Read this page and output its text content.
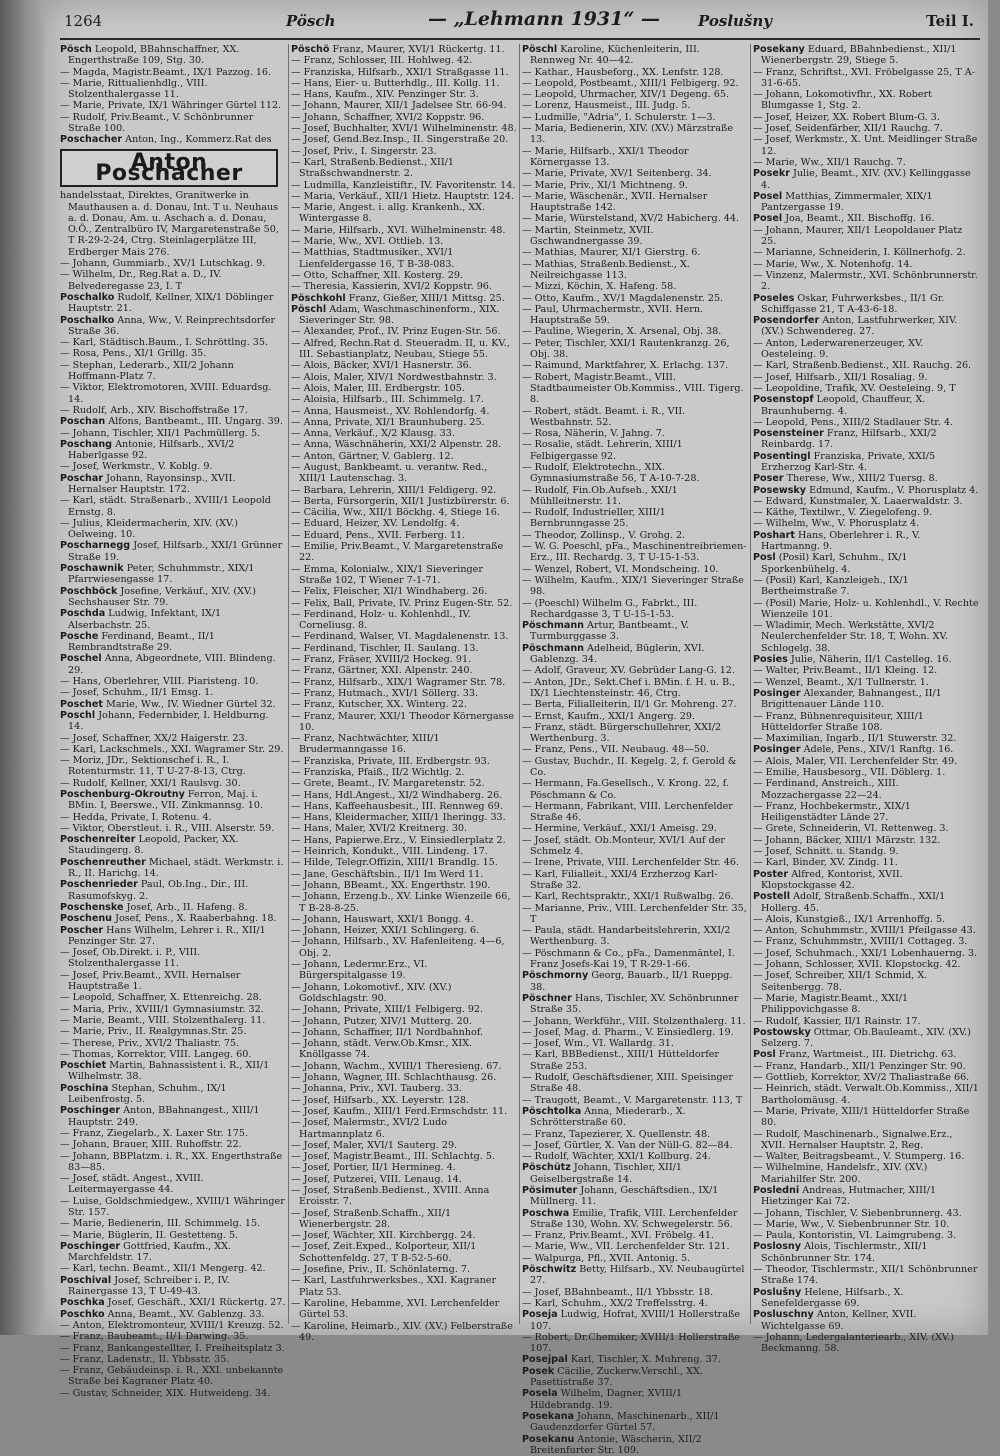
1264	Pösch	— „Lehmann 1931“ —	Poslušny	Teil I.

Pösch Leopold, BBahnschaffner, XX. Engerthstraße 109, Stg. 30.

— Magda, Magistr.Beamt., IX/1 Pazzog. 16.

— Marie, Rittualienhdlg., VIII. Stolzenthalergasse 11.

— Marie, Private, IX/1 Währinger Gürtel 112.

— Rudolf, Priv.Beamt., V. Schönbrunner Straße 100.

Poschacher Anton, Ing., Kommerz.Rat des

Anton Poschacher

handelsstaat, Direktes, Granitwerke in Mauthausen a. d. Donau, Int. T u. Neuhaus a. d. Donau, Am. u. Aschach a. d. Donau, O.Ö., Zentralbüro IV, Margaretenstraße 50, T R-29-2-24, Ctrg. Steinlagerplätze III, Erdberger Mais 276.

— Johann, Gummiarb., XV/1 Lutschkag. 9.

— Wilhelm, Dr., Reg.Rat a. D., IV. Belvederegasse 23, I. T

Poschalko Rudolf, Kellner, XIX/1 Döblinger Hauptstr. 21.

Poschalko Anna, Ww., V. Reinprechtsdorfer Straße 36.

— Karl, Städtisch.Baum., I. Schröttlng. 35.

— Rosa, Pens., XI/1 Grillg. 35.

— Stephan, Lederarb., XII/2 Johann Hoffmann-Platz 7.

— Viktor, Elektromotoren, XVIII. Eduardsg. 14.

— Rudolf, Arb., XIV. Bischoffstraße 17.

Poschan Alfons, Bantbeamt., III. Ungarg. 39.

— Johann, Tischler, XII/1 Pachmüllerg. 5.

Poschang Antonie, Hilfsarb., XVI/2 Haberlgasse 92.

— Josef, Werkmstr., V. Koblg. 9.

Poschar Johann, Rayonsinsp., XVII. Hernalser Hauptstr. 172.

— Karl, städt. Straßenarb., XVIII/1 Leopold Ernstg. 8.

— Julius, Kleidermacherin, XIV. (XV.) Oelweing. 10.

Poscharnegg Josef, Hilfsarb., XXI/1 Grünner Straße 19.

Poschawnik Peter, Schuhmmstr., XIX/1 Pfarrwiesengasse 17.

Poschböck Josefine, Verkäuf., XIV. (XV.) Sechshauser Str. 79.

Poschda Ludwig, Infektant, IX/1 Alserbachstr. 25.

Posche Ferdinand, Beamt., II/1 Rembrandtstraße 29.

Poschel Anna, Abgeordnete, VIII. Blindeng. 29.

— Hans, Oberlehrer, VIII. Piaristeng. 10.

— Josef, Schuhm., II/1 Emsg. 1.

Poschet Marie, Ww., IV. Wiedner Gürtel 32.

Poschl Johann, Federnbider, I. Heldburng. 14.

— Josef, Schaffner, XX/2 Haigerstr. 23.

— Karl, Lackschmels., XXI. Wagramer Str. 29.

— Moriz, JDr., Sektionschef i. R., I. Rotenturmstr. 11, T U-27-8-13, Ctrg.

— Rudolf, Kellner, XXI/1 Raulsvg. 30.

Poschenburg-Okroutny Ferron, Maj. i. BMin. I, Beerswe., VII. Zinkmannsg. 10.

— Hedda, Private, I. Rotenu. 4.

— Viktor, Oberstleut. i. R., VIII. Alserstr. 59.

Poschenreiter Leopold, Packer, XX. Staudingerg. 8.

Poschenreuther Michael, städt. Werkmstr. i. R., II. Harichg. 14.

Poschenrieder Paul, Ob.Ing., Dir., III. Rasumofskyg. 2.

Poschenske Josef, Arb., II. Hafeng. 8.

Poschenu Josef, Pens., X. Raaberbahng. 18.

Poscher Hans Wilhelm, Lehrer i. R., XII/1 Penzinger Str. 27.

— Josef, Ob.Direkt. i. P., VIII. Stolzenthalergasse 11.

— Josef, Priv.Beamt., XVII. Hernalser Hauptstraße 1.

— Leopold, Schaffner, X. Ettenreichg. 28.

— Maria, Priv., XVIII/1 Gymnasiumstr. 32.

— Marie, Beamt., VIII. Stolzenthalerg. 11.

— Marie, Priv., II. Realgymnas.Str. 25.

— Therese, Priv., XVI/2 Thaliastr. 75.

— Thomas, Korrektor, VIII. Langeg. 60.

Poschiet Martin, Bahnassistent i. R., XII/1 Wilhelmstr. 38.

Poschina Stephan, Schuhm., IX/1 Leibenfrostg. 5.

Poschinger Anton, BBahnangest., XIII/1 Hauptstr. 249.

— Franz, Ziegelarb., X. Laxer Str. 175.

— Johann, Brauer, XIII. Ruhoffstr. 22.

— Johann, BBPlatzm. i. R., XX. Engerthstraße 83—85.

— Josef, städt. Angest., XVIII. Leitermayergasse 44.

— Luise, Goldschmiedgew., XVIII/1 Währinger Str. 157.

— Marie, Bedienerin, III. Schimmelg. 15.

— Marie, Büglerin, II. Gestetteng. 5.

Poschinger Gottfried, Kaufm., XX. Marchfeldstr. 17.

— Karl, techn. Beamt., XII/1 Mengerg. 42.

Poschival Josef, Schreiber i. P., IV. Rainergasse 13, T U-49-43.

Poschka Josef, Geschäft., XXI/1 Rückertg. 27.

Poschko Anna, Beamt., XV. Gablenzg. 33.

— Anton, Elektromonteur, XVIII/1 Kreuzg. 52.

— Franz, Baubeamt., II/1 Darwing. 35.

— Franz, Bankangestellter, I. Freiheitsplatz 3.

— Franz, Ladenstr., II. Ybbsstr. 35.

— Franz, Gebäudeinsp. i. R., XXI. unbekannte Straße bei Kagraner Platz 40.

— Gustav, Schneider, XIX. Hutweideng. 34.

Pöschö Franz, Maurer, XVI/1 Rückertg. 11.

— Franz, Schlosser, III. Hohlweg. 42.

— Franziska, Hilfsarb., XXI/1 Straßgasse 11.

— Hans, Eier- u. Butterhdlg., III. Kollg. 11.

— Hans, Kaufm., XIV. Penzinger Str. 3.

— Johann, Maurer, XII/1 Jadelsee Str. 66-94.

— Johann, Schaffner, XVI/2 Koppstr. 96.

— Josef, Buchhalter, XVI/1 Wilhelminenstr. 48.

— Josef, Gend.Bez.Insp., II. Singerstraße 20.

— Josef, Priv., I. Singerstr. 23.

— Karl, Straßenb.Bedienst., XII/1 Straßschwandnerstr. 2.

— Ludmilla, Kanzleistiftr., IV. Favoritenstr. 14.

— Maria, Verkäuf., XII/1 Hietz. Hauptstr. 124.

— Marie, Angest. i. allg. Krankenh., XX. Wintergasse 8.

— Marie, Hilfsarb., XVI. Wilhelminenstr. 48.

— Marie, Ww., XVI. Ottlieb. 13.

— Matthias, Stadtmusiker., XVI/1 Lienfeldergasse 16, T B-38-083.

— Otto, Schaffner, XII. Kosterg. 29.

— Theresia, Kassierin, XVI/2 Koppstr. 96.

Pöschkohl Franz, Gießer, XIII/1 Mittsg. 25.

Pöschl Adam, Waschmaschinenform., XIX. Sieveringer Str. 98.

— Alexander, Prof., IV. Prinz Eugen-Str. 56.

— Alfred, Rechn.Rat d. Steueradm. II, u. KV., III. Sebastianplatz, Neubau, Stiege 55.

— Alois, Bäcker, XVI/1 Hasnerstr. 36.

— Alois, Maler, XIV/1 Nordwestbahnstr. 3.

— Alois, Maler, III. Erdbergstr. 105.

— Aloisia, Hilfsarb., III. Schimmelg. 17.

— Anna, Hausmeist., XV. Rohlendorfg. 4.

— Anna, Private, XI/1 Braunhuberg. 25.

— Anna, Verkäuf., X/2 Klausg. 33.

— Anna, Wäschnäherin, XXI/2 Alpenstr. 28.

— Anton, Gärtner, V. Gablerg. 12.

— August, Bankbeamt. u. verantw. Red., XIII/1 Lautenschag. 3.

— Barbara, Lehrerin, XIII/1 Feldigerg. 92.

— Berta, Fürsorgerin, XII/1 Justizbürerstr. 6.

— Cäcilia, Ww., XII/1 Böckhg. 4, Stiege 16.

— Eduard, Heizer, XV. Lendolfg. 4.

— Eduard, Pens., XVII. Ferberg. 11.

— Emilie, Priv.Beamt., V. Margaretenstraße 22.

— Emma, Kolonialw., XIX/1 Sieveringer Straße 102, T Wiener 7-1-71.

— Felix, Fleischer, XI/1 Windhaberg. 26.

— Felix, Ball, Private, IV. Prinz Eugen-Str. 52.

— Ferdinand, Holz- u. Kohlenhdl., IV. Corneliusg. 8.

— Ferdinand, Walser, VI. Magdalenenstr. 13.

— Ferdinand, Tischler, II. Saulang. 13.

— Franz, Fräser, XVIII/2 Hockeg. 91.

— Franz, Gärtner, XXI. Alpenstr. 240.

— Franz, Hilfsarb., XIX/1 Wagramer Str. 78.

— Franz, Hutmach., XVI/1 Söllerg. 33.

— Franz, Kutscher, XX. Winterg. 22.

— Franz, Maurer, XXI/1 Theodor Körnergasse 10.

— Franz, Nachtwächter, XIII/1 Brudermanngasse 16.

— Franziska, Private, III. Erdbergstr. 93.

— Franziska, Pfaiß., II/2 Wichtlg. 2.

— Grete, Beamt., IV. Margaretenstr. 52.

— Hans, Hdl.Angest., XI/2 Windhaberg. 26.

— Hans, Kaffeehausbesit., III. Rennweg 69.

— Hans, Kleidermacher, XIII/1 Iheringg. 33.

— Hans, Maler, XVI/2 Kreitnerg. 30.

— Hans, Papierwe.Erz., V. Einsiedlerplatz 2.

— Heinrich, Kondukt., VIII. Lindeng. 17.

— Hilde, Telegr.Offizin, XIII/1 Brandlg. 15.

— Jane, Geschäftsbin., II/1 Im Werd 11.

— Johann, BBeamt., XX. Engerthstr. 190.

— Johann, Erzeng.b., XV. Linke Wienzeile 66, T B-28-8-25.

— Johann, Hauswart, XXI/1 Bongg. 4.

— Johann, Heizer, XXI/1 Schlingerg. 6.

— Johann, Hilfsarb., XV. Hafenleiteng. 4—6, Obj. 2.

— Johann, Ledermr.Erz., VI. Bürgerspitalgasse 19.

— Johann, Lokomotivf., XIV. (XV.) Goldschlagstr. 90.

— Johann, Private, XIII/1 Felbigerg. 92.

— Johann, Putzer, XIV/1 Mutterg. 20.

— Johann, Schaffner, II/1 Nordbahnhof.

— Johann, städt. Verw.Ob.Kmsr., XIX. Knöllgasse 74.

— Johann, Wachm., XVIII/1 Theresieng. 67.

— Johann, Wagner, III. Schlachthausg. 26.

— Johanna, Priv., XVI. Tauberg. 33.

— Josef, Hilfsarb., XX. Leyerstr. 128.

— Josef, Kaufm., XIII/1 Ferd.Ermschdstr. 11.

— Josef, Malermstr., XVI/2 Ludo Hartmannplatz 6.

— Josef, Maler, XVI/1 Sauterg. 29.

— Josef, Magistr.Beamt., III. Schlachtg. 5.

— Josef, Portier, II/1 Hermineg. 4.

— Josef, Putzerei, VIII. Lenaug. 14.

— Josef, Straßenb.Bedienst., XVIII. Anna Eroisstr. 7.

— Josef, Straßenb.Schaffn., XII/1 Wienerbergstr. 28.

— Josef, Wächter, XII. Kirchbergg. 24.

— Josef, Zeit.Exped., Kolporteur, XII/1 Schottenfeldg. 27, T B-52-5-60.

— Josefine, Priv., II. Schönlaterng. 7.

— Karl, Lastfuhrwerksbes., XXI. Kagraner Platz 53.

— Karoline, Hebamme, XVI. Lerchenfelder Gürtel 53.

— Karoline, Heimarb., XIV. (XV.) Felberstraße 49.

Pöschl Karoline, Küchenleiterin, III. Rennweg Nr. 40—42.

— Kathar., Hausbeforg., XX. Lenfstr. 128.

— Leopold, Postbeamt., XIII/1 Felbigerg. 92.

— Leopold, Uhrmacher, XIV/1 Degeng. 65.

— Lorenz, Hausmeist., III. Judg. 5.

— Ludmille, "Adria", I. Schulerstr. 1—3.

— Maria, Bedienerin, XIV. (XV.) Märzstraße 13.

— Marie, Hilfsarb., XXI/1 Theodor Körnergasse 13.

— Marie, Private, XV/1 Seitenberg. 34.

— Marie, Priv., XI/1 Michtneng. 9.

— Marie, Wäschenär., XVII. Hernalser Hauptstraße 142.

— Marie, Würstelstand, XV/2 Habicherg. 44.

— Martin, Steinmetz, XVII. Gschwandnergasse 39.

— Mathias, Maurer, XI/1 Gierstrg. 6.

— Mathias, Straßenb.Bedienst., X. Neilreichgasse 113.

— Mizzi, Köchin, X. Hafeng. 58.

— Otto, Kaufm., XV/1 Magdalenenstr. 25.

— Paul, Uhrmachermstr., XVII. Hern. Hauptstraße 59.

— Pauline, Wiegerin, X. Arsenal, Obj. 38.

— Peter, Tischler, XXI/1 Rautenkranzg. 26, Obj. 38.

— Raimund, Marktfahrer, X. Erlachg. 137.

— Robert, Magistr.Beamt., VIII. Stadtbaumeister Ob.Kommiss., VIII. Tigerg. 8.

— Robert, städt. Beamt. i. R., VII. Westbahnstr. 52.

— Rosa, Näherin, V. Jahng. 7.

— Rosalie, städt. Lehrerin, XIII/1 Felbigergasse 92.

— Rudolf, Elektrotechn., XIX. Gymnasiumstraße 56, T A-10-7-28.

— Rudolf, Fin.Ob.Aufseh., XXI/1 Mühlleitnerstr. 11.

— Rudolf, Industrieller, XIII/1 Bernbrunngasse 25.

— Theodor, Zollinsp., V. Grohg. 2.

— W. G. Poeschl, pFa., Maschinentreibriemen-Erz., III. Rechardg. 3, T U-15-1-53.

— Wenzel, Robert, VI. Mondscheing. 10.

— Wilhelm, Kaufm., XIX/1 Sieveringer Straße 98.

— (Poeschl) Wilhelm G., Fabrkt., III. Rechardgasse 3, T U-15-1-53.

Pöschmann Artur, Bantbeamt., V. Turmburggasse 3.

Pöschmann Adelheid, Büglerin, XVI. Gablenzg. 34.

— Adolf, Graveur, XV. Gebrüder Lang-G. 12.

— Anton, JDr., Sekt.Chef i. BMin. f. H. u. B., IX/1 Liechtensteinstr. 46, Ctrg.

— Berta, Filialleiterin, II/1 Gr. Mohreng. 27.

— Ernst, Kaufm., XXI/1 Angerg. 29.

— Franz, städt. Bürgerschullehrer, XXI/2 Werthenburg. 3.

— Franz, Pens., VII. Neubaug. 48—50.

— Gustav, Buchdr., II. Kegelg. 2, f. Gerold & Co.

— Hermann, Fa.Gesellsch., V. Krong. 22, f. Pöschmann & Co.

— Hermann, Fabrikant, VIII. Lerchenfelder Straße 46.

— Hermine, Verkäuf., XXI/1 Ameisg. 29.

— Josef, städt. Ob.Monteur, XVI/1 Auf der Schmelz 4.

— Irene, Private, VIII. Lerchenfelder Str. 46.

— Karl, Filialleit., XXI/4 Erzherzog Karl-Straße 32.

— Karl, Rechtspraktr., XXI/1 Rußwalbg. 26.

— Marianne, Priv., VIII. Lerchenfelder Str. 35, T

— Paula, städt. Handarbeitslehrerin, XXI/2 Werthenburg. 3.

— Pöschmann & Co., pFa., Damenmäntel, I. Franz Josefs-Kai 19, T R-29-1-66.

Pöschmorny Georg, Bauarb., II/1 Rueppg. 38.

Pöschner Hans, Tischler, XV. Schönbrunner Straße 35.

— Johann, Werkführ., VIII. Stolzenthalerg. 11.

— Josef, Mag. d. Pharm., V. Einsiedlerg. 19.

— Josef, Wm., VI. Wallardg. 31.

— Karl, BBBedienst., XIII/1 Hütteldorfer Straße 253.

— Rudolf, Geschäftsdiener, XIII. Speisinger Straße 48.

— Traugott, Beamt., V. Margaretenstr. 113, T

Pöschtolka Anna, Miederarb., X. Schrötterstraße 60.

— Franz, Tapezierer, X. Quellenstr. 48.

— Josef, Gürtler, X. Van der Nüll-G. 82—84.

— Rudolf, Wächter, XXI/1 Kollburg. 24.

Pöschütz Johann, Tischler, XII/1 Geiselbergstraße 14.

Pösimuter Johann, Geschäftsdien., IX/1 Müllnerg. 11.

Poschwa Emilie, Trafik, VIII. Lerchenfelder Straße 130, Wohn. XV. Schwegelerstr. 56.

— Franz, Priv.Beamt., XVI. Fröbelg. 41.

— Marie, Ww., VII. Lerchenfelder Str. 121.

— Walpurga, Pfl., XVII. Antonig. 5.

Pöschwitz Betty, Hilfsarb., XV. Neubaugürtel 27.

— Josef, BBahnbeamt., II/1 Ybbsstr. 18.

— Karl, Schuhm., XX/2 Treffelsstrg. 4.

Poseja Ludwig, Hofrat, XVIII/1 Hollerstraße 107.

— Robert, Dr.Chemiker, XVIII/1 Hollerstraße 107.

Posejpal Karl, Tischler, X. Muhreng. 37.

Posek Cäcilie, Zuckerw.Verschl., XX. Pasettistraße 37.

Posela Wilhelm, Dagner, XVIII/1 Hildebrandg. 19.

Posekana Johann, Maschinenarb., XII/1 Gaudenzdorfer Gürtel 57.

Posekanu Antonie, Wäscherin, XII/2 Breitenfurter Str. 109.

Posekany Eduard, BBahnbedienst., XII/1 Wienerbergstr. 29, Stiege 5.

— Franz, Schriftst., XVI. Fröbelgasse 25, T A-31-6-65.

— Johann, Lokomotivfhr., XX. Robert Blumgasse 1, Stg. 2.

— Josef, Heizer, XX. Robert Blum-G. 3.

— Josef, Seidenfärber, XII/1 Rauchg. 7.

— Josef, Werkmstr., X. Unt. Meidlinger Straße 12.

— Marie, Ww., XII/1 Rauchg. 7.

Posekr Julie, Beamt., XIV. (XV.) Kellinggasse 4.

Posel Matthias, Zimmermaler, XIX/1 Pantzergasse 19.

Posel Joa, Beamt., XII. Bischoffg. 16.

— Johann, Maurer, XII/1 Leopoldauer Platz 25.

— Marianne, Schneiderin, I. Köllnerhofg. 2.

— Marie, Ww., X. Notenhofg. 14.

— Vinzenz, Malermstr., XVI. Schönbrunnerstr. 2.

Poseles Oskar, Fuhrwerksbes., II/1 Gr. Schiffgasse 21, T A-43-6-18.

Posendorfer Anton, Lastfuhrwerker, XIV. (XV.) Schwendereg. 27.

— Anton, Lederwarenerzeuger, XV. Oesteleing. 9.

— Karl, Straßenb.Bedienst., XII. Rauchg. 26.

— Josef, Hilfsarb., XII/1 Rosaliag. 9.

— Leopoldine, Trafik, XV. Oesteleing. 9, T

Posenstopf Leopold, Chauffeur, X. Braunhuberng. 4.

— Leopold, Pens., XIII/2 Stadlauer Str. 4.

Posensteiner Franz, Hilfsarb., XXI/2 Reinbardg. 17.

Posentingl Franziska, Private, XXI/5 Erzherzog Karl-Str. 4.

Poser Therese, Ww., XIII/2 Tuersg. 8.

Posewsky Edmund, Kaufm., V. Phorusplatz 4.

— Edward, Kunstmaler, X. Laaerwaldstr. 3.

— Käthe, Textilwr., V. Ziegelofeng. 9.

— Wilhelm, Ww., V. Phorusplatz 4.

Poshart Hans, Oberlehrer i. R., V. Hartmanng. 9.

Posl (Posil) Karl, Schuhm., IX/1 Sporkenbühelg. 4.

— (Posil) Karl, Kanzleigeh., IX/1 Bertheimstraße 7.

— (Posil) Marie, Holz- u. Kohlenhdl., V. Rechte Wienzeile 101.

— Wladimir, Mech. Werkstätte, XVI/2 Neulerchenfelder Str. 18, T, Wohn. XV. Schlogelg. 38.

Posies Julie, Näherin, II/1 Castelleg. 16.

— Walter, Priv.Beamt., II/1 Kleing. 12.

— Wenzel, Beamt., X/1 Tullnerstr. 1.

Posinger Alexander, Bahnangest., II/1 Brigittenauer Lände 110.

— Franz, Bühnenrequisiteur, XIII/1 Hütteldorfer Straße 108.

— Maximilian, Ingarb., II/1 Stuwerstr. 32.

Posinger Adele, Pens., XIV/1 Ranftg. 16.

— Alois, Maler, VII. Lerchenfelder Str. 49.

— Emilie, Hausbesorg., VII. Döblerg. 1.

— Ferdinand, Anstreich., XIII. Mozzachergasse 22—24.

— Franz, Hochbekermstr., XIX/1 Heiligenstädter Lände 27.

— Grete, Schneiderin, VI. Rettenweg. 3.

— Johann, Bäcker, XIII/1 Märzstr. 132.

— Josef, Schnitt. u. Standg. 9.

— Karl, Binder, XV. Zindg. 11.

Poster Alfred, Kontorist, XVII. Klopstockgasse 42.

Postell Adolf, Straßenb.Schaffn., XXI/1 Hollerg. 45.

— Alois, Kunstgieß., IX/1 Arrenhoffg. 5.

— Anton, Schuhmmstr., XVIII/1 Pfeilgasse 43.

— Franz, Schuhmmstr., XVIII/1 Cottageg. 3.

— Josef, Schuhmach., XXI/1 Lobenhauerng. 3.

— Johann, Schlosser, XVII. Klopstockg. 42.

— Josef, Schreiber, XII/1 Schmid, X. Seitenbergg. 78.

— Marie, Magistr.Beamt., XXI/1 Philippovichgasse 8.

— Rudolf, Kassier, II/1 Rainstr. 17.

Postowsky Ottmar, Ob.Bauleamt., XIV. (XV.) Selzerg. 7.

Posl Franz, Wartmeist., III. Dietrichg. 63.

— Franz, Handarb., XII/1 Penzinger Str. 90.

— Gottlieb, Korrektor, XV/2 Thaliastraße 66.

— Heinrich, städt. Verwalt.Ob.Kommiss., XII/1 Bartholomäusg. 4.

— Marie, Private, XIII/1 Hütteldorfer Straße 80.

— Rudolf, Maschinenarb., Signalwe.Erz., XVII. Hernalser Hauptstr. 2, Reg.

— Walter, Beitragsbeamt., V. Stumperg. 16.

— Wilhelmine, Handelsfr., XIV. (XV.) Mariahilfer Str. 200.

Posledni Andreas, Hutmacher, XIII/1 Hietzinger Kai 72.

— Johann, Tischler, V. Siebenbrunnerg. 43.

— Marie, Ww., V. Siebenbrunner Str. 10.

— Paula, Kontoristin, VI. Laimgrubeng. 3.

Poslosny Alois, Tischlermstr., XII/1 Schönbrunner Str. 174.

— Theodor, Tischlermstr., XII/1 Schönbrunner Straße 174.

Poslušny Helene, Hilfsarb., X. Senefeldergasse 69.

Posluschny Anton, Kellner, XVII. Wichtelgasse 69.

— Johann, Ledergalanteriearb., XIV. (XV.) Beckmanng. 58.
